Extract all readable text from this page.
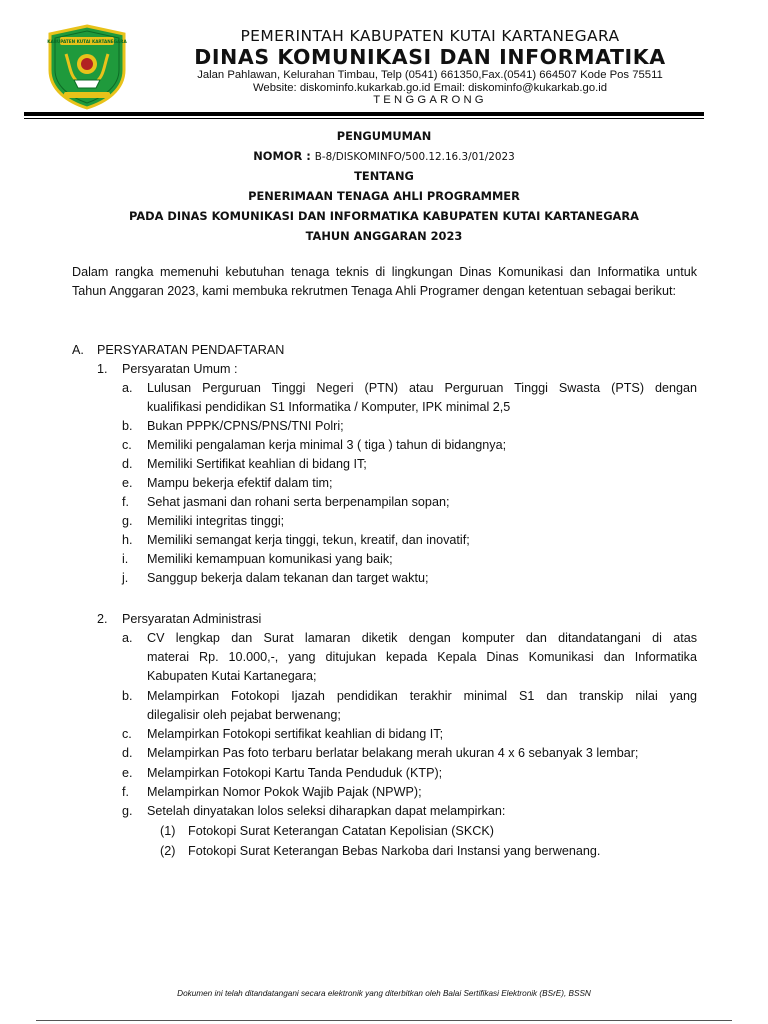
KABUPATEN KUTAI KARTANEGARA	PEMERINTAH KABUPATEN KUTAI KARTANEGARA
DINAS KOMUNIKASI DAN INFORMATIKA
Jalan Pahlawan, Kelurahan Timbau, Telp (0541) 661350,Fax.(0541) 664507 Kode Pos 75511
Website: diskominfo.kukarkab.go.id Email: diskominfo@kukarkab.go.id
TENGGARONG
PENGUMUMAN
NOMOR : B-8/DISKOMINFO/500.12.16.3/01/2023
TENTANG
PENERIMAAN TENAGA AHLI PROGRAMMER
PADA DINAS KOMUNIKASI DAN INFORMATIKA KABUPATEN KUTAI KARTANEGARA
TAHUN ANGGARAN 2023
Dalam rangka memenuhi kebutuhan tenaga teknis di lingkungan Dinas Komunikasi dan Informatika untuk Tahun Anggaran 2023, kami membuka rekrutmen Tenaga Ahli Programer dengan ketentuan sebagai berikut:
A. PERSYARATAN PENDAFTARAN
1. Persyaratan Umum :
a. Lulusan Perguruan Tinggi Negeri (PTN) atau Perguruan Tinggi Swasta (PTS) dengan
kualifikasi pendidikan S1 Informatika / Komputer, IPK minimal 2,5
b. Bukan PPPK/CPNS/PNS/TNI Polri;
c. Memiliki pengalaman kerja minimal 3 ( tiga ) tahun di bidangnya;
d. Memiliki Sertifikat keahlian di bidang IT;
e. Mampu bekerja efektif dalam tim;
f. Sehat jasmani dan rohani serta berpenampilan sopan;
g. Memiliki integritas tinggi;
h. Memiliki semangat kerja tinggi, tekun, kreatif, dan inovatif;
i. Memiliki kemampuan komunikasi yang baik;
j. Sanggup bekerja dalam tekanan dan target waktu;
2. Persyaratan Administrasi
a. CV lengkap dan Surat lamaran diketik dengan komputer dan ditandatangani di atas
materai Rp. 10.000,-, yang ditujukan kepada Kepala Dinas Komunikasi dan Informatika
Kabupaten Kutai Kartanegara;
b. Melampirkan Fotokopi Ijazah pendidikan terakhir minimal S1 dan transkip nilai yang
dilegalisir oleh pejabat berwenang;
c. Melampirkan Fotokopi sertifikat keahlian di bidang IT;
d. Melampirkan Pas foto terbaru berlatar belakang merah ukuran 4 x 6 sebanyak 3 lembar;
e. Melampirkan Fotokopi Kartu Tanda Penduduk (KTP);
f. Melampirkan Nomor Pokok Wajib Pajak (NPWP);
g. Setelah dinyatakan lolos seleksi diharapkan dapat melampirkan:
(1) Fotokopi Surat Keterangan Catatan Kepolisian (SKCK)
(2) Fotokopi Surat Keterangan Bebas Narkoba dari Instansi yang berwenang.
Dokumen ini telah ditandatangani secara elektronik yang diterbitkan oleh Balai Sertifikasi Elektronik (BSrE), BSSN
